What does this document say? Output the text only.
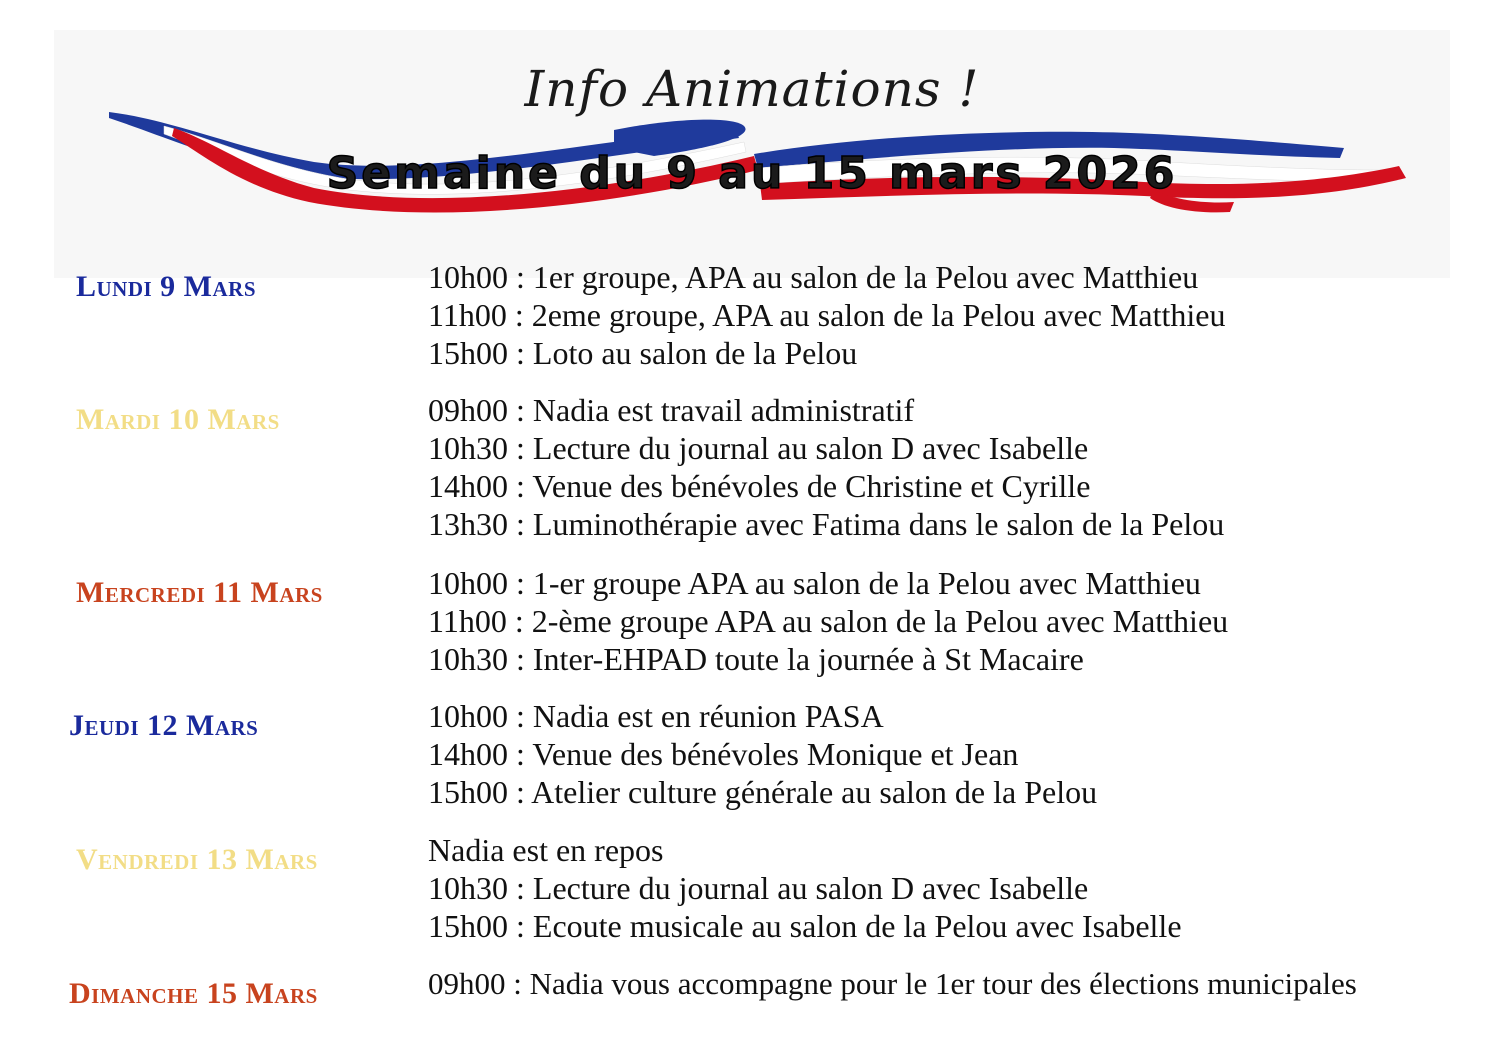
Info Animations !
Semaine du 9 au 15 mars 2026
Lundi 9 Mars	10h00 : 1er groupe, APA au salon de la Pelou avec Matthieu
11h00 : 2eme groupe, APA au salon de la Pelou avec Matthieu
15h00 : Loto au salon de la Pelou
Mardi 10 Mars	09h00 : Nadia est travail administratif
10h30 : Lecture du journal au salon D avec Isabelle
14h00 : Venue des bénévoles de Christine et Cyrille
13h30 : Luminothérapie avec Fatima dans le salon de la Pelou
Mercredi 11 Mars	10h00 : 1-er groupe APA au salon de la Pelou avec Matthieu
11h00 : 2-ème groupe APA au salon de la Pelou avec Matthieu
10h30 : Inter-EHPAD toute la journée à St Macaire
Jeudi 12 Mars	10h00 : Nadia est en réunion PASA
14h00 : Venue des bénévoles Monique et Jean
15h00 : Atelier culture générale au salon de la Pelou
Vendredi 13 Mars	Nadia est en repos
10h30 : Lecture du journal au salon D avec Isabelle
15h00 : Ecoute musicale au salon de la Pelou avec Isabelle
Dimanche 15 Mars	09h00 : Nadia vous accompagne pour le 1er tour des élections municipales
